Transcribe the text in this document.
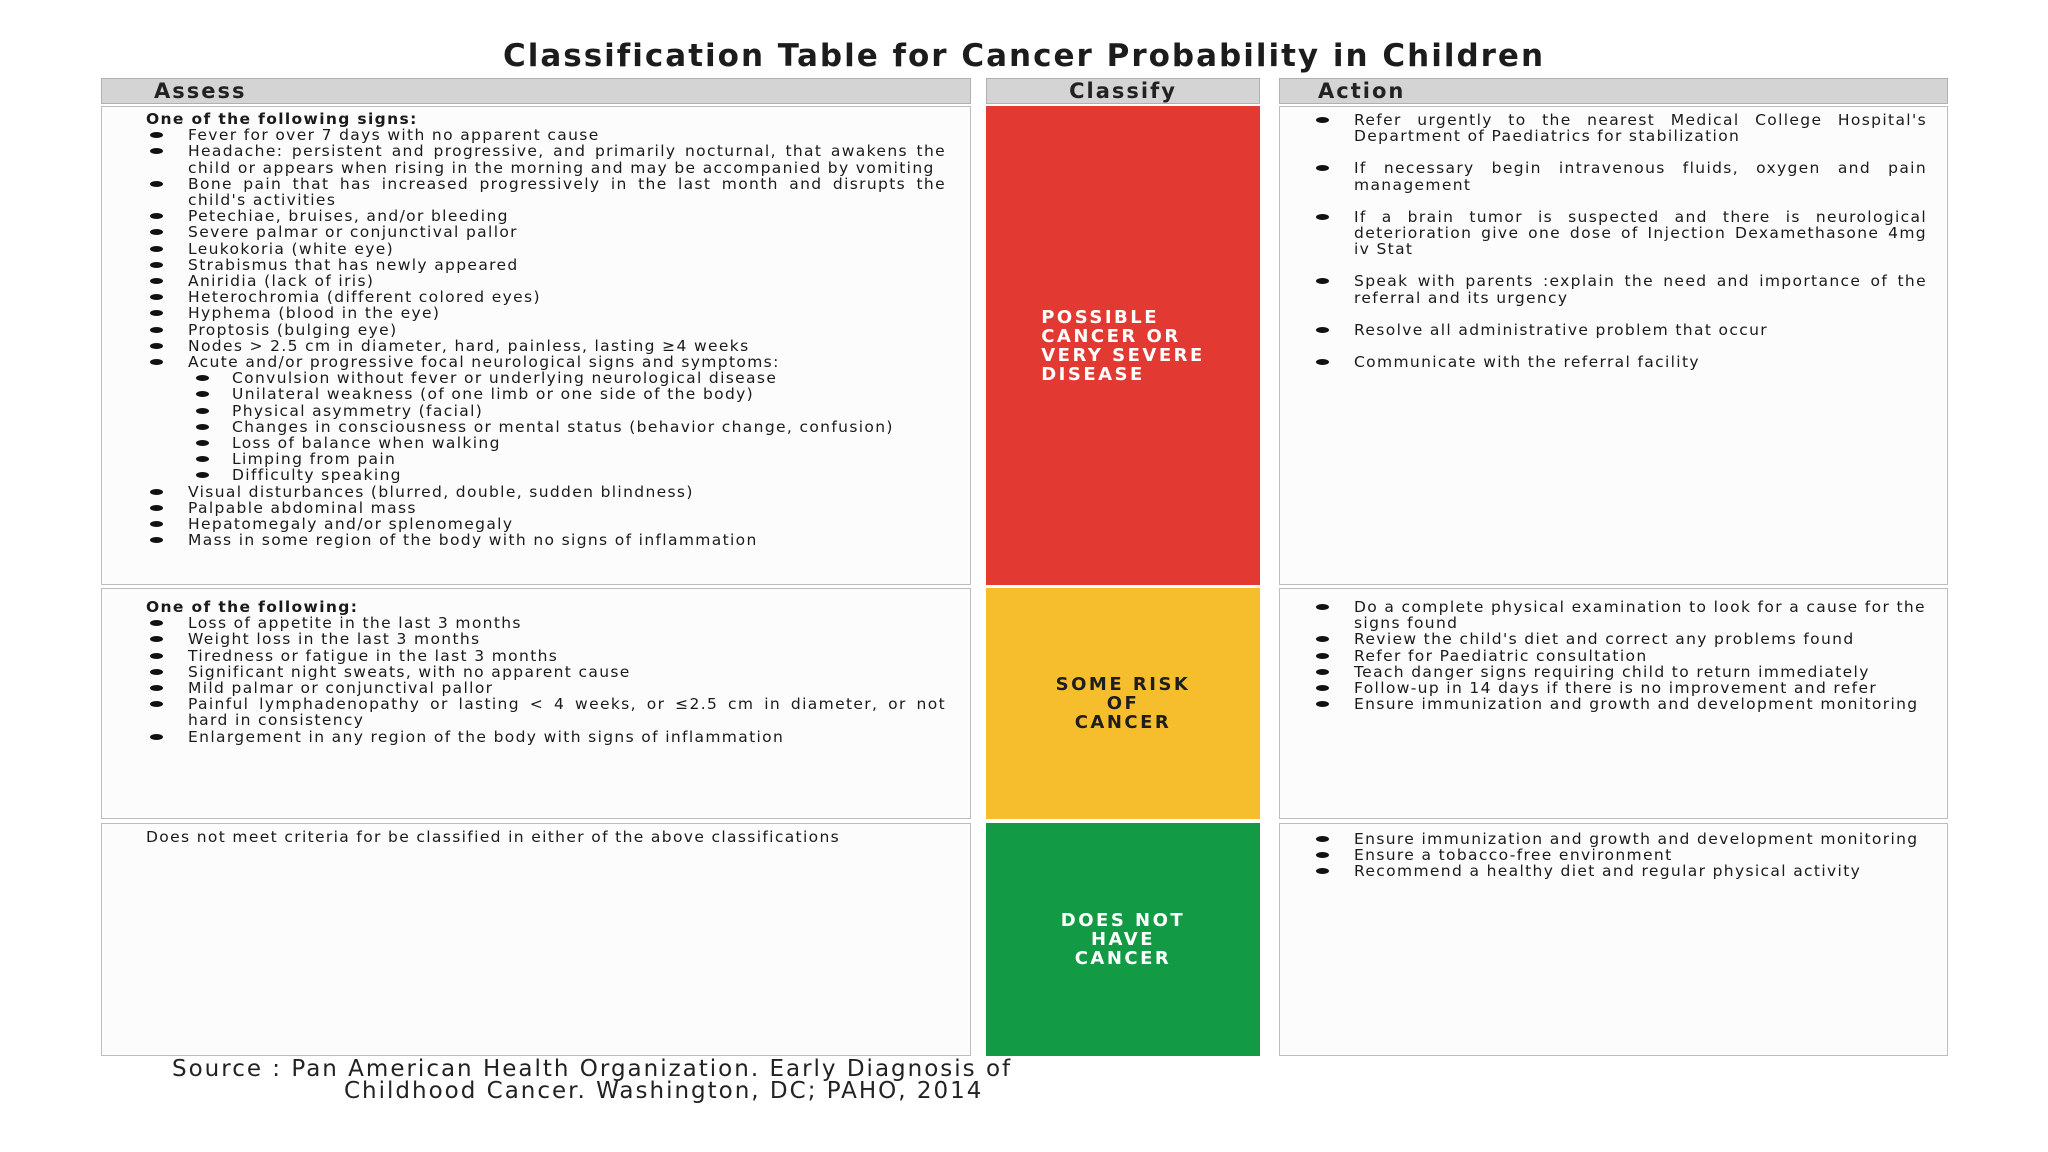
Classification Table for Cancer Probability in Children
Assess	Classify	Action
One of the following signs:
Fever for over 7 days with no apparent cause
Headache: persistent and progressive, and primarily nocturnal, that awakens the child or appears when rising in the morning and may be accompanied by vomiting
Bone pain that has increased progressively in the last month and disrupts the child's activities
Petechiae, bruises, and/or bleeding
Severe palmar or conjunctival pallor
Leukokoria (white eye)
Strabismus that has newly appeared
Aniridia (lack of iris)
Heterochromia (different colored eyes)
Hyphema (blood in the eye)
Proptosis (bulging eye)
Nodes > 2.5 cm in diameter, hard, painless, lasting ≥4 weeks
Acute and/or progressive focal neurological signs and symptoms:
Convulsion without fever or underlying neurological disease
Unilateral weakness (of one limb or one side of the body)
Physical asymmetry (facial)
Changes in consciousness or mental status (behavior change, confusion)
Loss of balance when walking
Limping from pain
Difficulty speaking
Visual disturbances (blurred, double, sudden blindness)
Palpable abdominal mass
Hepatomegaly and/or splenomegaly
Mass in some region of the body with no signs of inflammation
POSSIBLE
CANCER OR
VERY SEVERE
DISEASE
Refer urgently to the nearest Medical College Hospital's Department of Paediatrics for stabilization
If necessary begin intravenous fluids, oxygen and pain management
If a brain tumor is suspected and there is neurological deterioration give one dose of Injection Dexamethasone 4mg iv Stat
Speak with parents :explain the need and importance of the referral and its urgency
Resolve all administrative problem that occur
Communicate with the referral facility
One of the following:
Loss of appetite in the last 3 months
Weight loss in the last 3 months
Tiredness or fatigue in the last 3 months
Significant night sweats, with no apparent cause
Mild palmar or conjunctival pallor
Painful lymphadenopathy or lasting < 4 weeks, or ≤2.5 cm in diameter, or not hard in consistency
Enlargement in any region of the body with signs of inflammation
SOME RISK
OF
CANCER
Do a complete physical examination to look for a cause for the signs found
Review the child's diet and correct any problems found
Refer for Paediatric consultation
Teach danger signs requiring child to return immediately
Follow-up in 14 days if there is no improvement and refer
Ensure immunization and growth and development monitoring
Does not meet criteria for be classified in either of the above classifications
DOES NOT
HAVE
CANCER
Ensure immunization and growth and development monitoring
Ensure a tobacco-free environment
Recommend a healthy diet and regular physical activity
Source : Pan American Health Organization. Early Diagnosis of
Childhood Cancer. Washington, DC; PAHO, 2014
